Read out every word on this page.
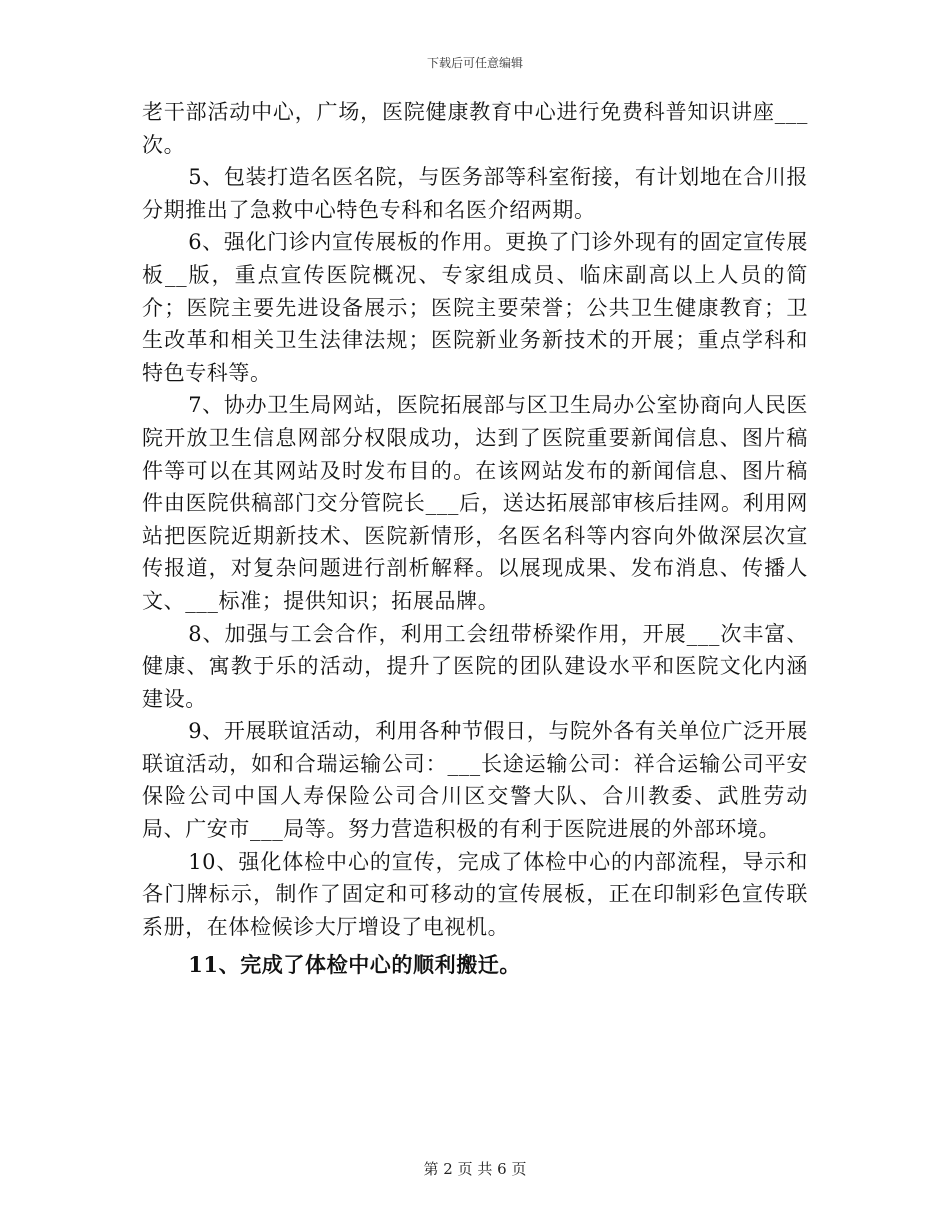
下载后可任意编辑

老干部活动中心，广场，医院健康教育中心进行免费科普知识讲座___次。

5、包装打造名医名院，与医务部等科室衔接，有计划地在合川报分期推出了急救中心特色专科和名医介绍两期。

6、强化门诊内宣传展板的作用。更换了门诊外现有的固定宣传展板__版，重点宣传医院概况、专家组成员、临床副高以上人员的简介；医院主要先进设备展示；医院主要荣誉；公共卫生健康教育；卫生改革和相关卫生法律法规；医院新业务新技术的开展；重点学科和特色专科等。

7、协办卫生局网站，医院拓展部与区卫生局办公室协商向人民医院开放卫生信息网部分权限成功，达到了医院重要新闻信息、图片稿件等可以在其网站及时发布目的。在该网站发布的新闻信息、图片稿件由医院供稿部门交分管院长___后，送达拓展部审核后挂网。利用网站把医院近期新技术、医院新情形，名医名科等内容向外做深层次宣传报道，对复杂问题进行剖析解释。以展现成果、发布消息、传播人文、___标准；提供知识；拓展品牌。

8、加强与工会合作，利用工会纽带桥梁作用，开展___次丰富、健康、寓教于乐的活动，提升了医院的团队建设水平和医院文化内涵建设。

9、开展联谊活动，利用各种节假日，与院外各有关单位广泛开展联谊活动，如和合瑞运输公司：___长途运输公司：祥合运输公司平安保险公司中国人寿保险公司合川区交警大队、合川教委、武胜劳动局、广安市___局等。努力营造积极的有利于医院进展的外部环境。

10、强化体检中心的宣传，完成了体检中心的内部流程，导示和各门牌标示，制作了固定和可移动的宣传展板，正在印制彩色宣传联系册，在体检候诊大厅增设了电视机。

11、完成了体检中心的顺利搬迁。

第 2 页 共 6 页
